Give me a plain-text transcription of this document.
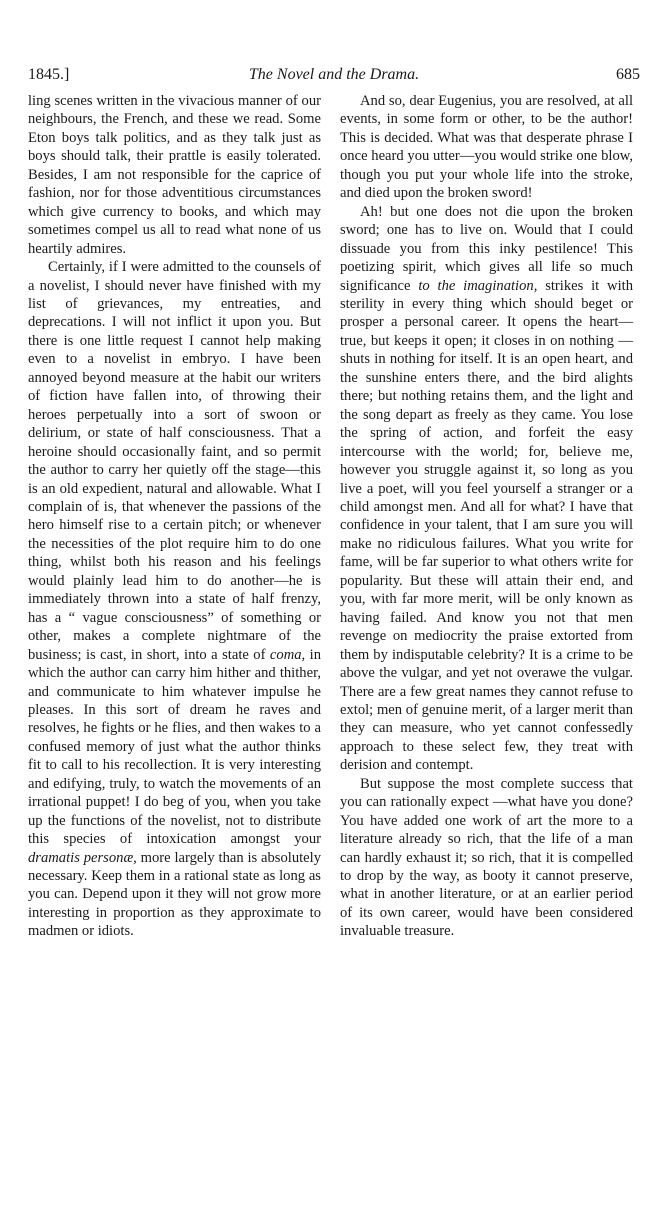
1845.]	The Novel and the Drama.	685

ling scenes written in the vivacious manner of our neighbours, the French, and these we read. Some Eton boys talk politics, and as they talk just as boys should talk, their prattle is easily tolerated. Besides, I am not responsible for the caprice of fashion, nor for those adventitious circumstances which give currency to books, and which may sometimes compel us all to read what none of us heartily admires.

Certainly, if I were admitted to the counsels of a novelist, I should never have finished with my list of grievances, my entreaties, and deprecations. I will not inflict it upon you. But there is one little request I cannot help making even to a novelist in embryo. I have been annoyed beyond measure at the habit our writers of fiction have fallen into, of throwing their heroes perpetually into a sort of swoon or delirium, or state of half consciousness. That a heroine should occasionally faint, and so permit the author to carry her quietly off the stage—this is an old expedient, natural and allowable. What I complain of is, that whenever the passions of the hero himself rise to a certain pitch; or whenever the necessities of the plot require him to do one thing, whilst both his reason and his feelings would plainly lead him to do another—he is immediately thrown into a state of half frenzy, has a “ vague consciousness” of something or other, makes a complete nightmare of the business; is cast, in short, into a state of coma, in which the author can carry him hither and thither, and communicate to him whatever impulse he pleases. In this sort of dream he raves and resolves, he fights or he flies, and then wakes to a confused memory of just what the author thinks fit to call to his recollection. It is very interesting and edifying, truly, to watch the movements of an irrational puppet! I do beg of you, when you take up the functions of the novelist, not to distribute this species of intoxication amongst your dramatis personæ, more largely than is absolutely necessary. Keep them in a rational state as long as you can. Depend upon it they will not grow more interesting in proportion as they approximate to madmen or idiots.

And so, dear Eugenius, you are resolved, at all events, in some form or other, to be the author! This is decided. What was that desperate phrase I once heard you utter—you would strike one blow, though you put your whole life into the stroke, and died upon the broken sword!

Ah! but one does not die upon the broken sword; one has to live on. Would that I could dissuade you from this inky pestilence! This poetizing spirit, which gives all life so much significance to the imagination, strikes it with sterility in every thing which should beget or prosper a personal career. It opens the heart—true, but keeps it open; it closes in on nothing —shuts in nothing for itself. It is an open heart, and the sunshine enters there, and the bird alights there; but nothing retains them, and the light and the song depart as freely as they came. You lose the spring of action, and forfeit the easy intercourse with the world; for, believe me, however you struggle against it, so long as you live a poet, will you feel yourself a stranger or a child amongst men. And all for what? I have that confidence in your talent, that I am sure you will make no ridiculous failures. What you write for fame, will be far superior to what others write for popularity. But these will attain their end, and you, with far more merit, will be only known as having failed. And know you not that men revenge on mediocrity the praise extorted from them by indisputable celebrity? It is a crime to be above the vulgar, and yet not overawe the vulgar. There are a few great names they cannot refuse to extol; men of genuine merit, of a larger merit than they can measure, who yet cannot confessedly approach to these select few, they treat with derision and contempt.

But suppose the most complete success that you can rationally expect —what have you done? You have added one work of art the more to a literature already so rich, that the life of a man can hardly exhaust it; so rich, that it is compelled to drop by the way, as booty it cannot preserve, what in another literature, or at an earlier period of its own career, would have been considered invaluable treasure.
